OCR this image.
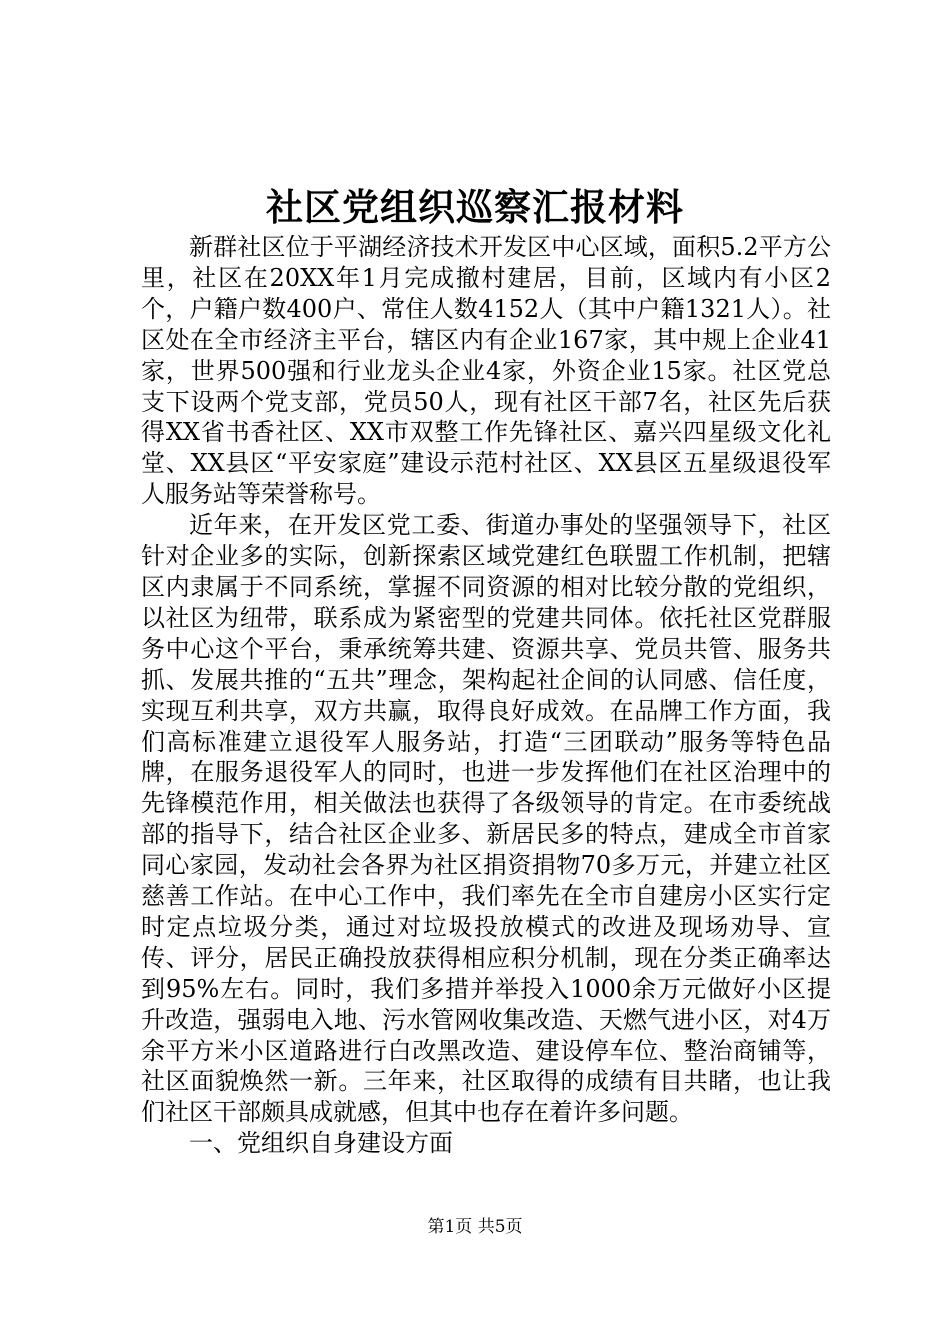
社区党组织巡察汇报材料

新群社区位于平湖经济技术开发区中心区域，面积5.2平方公里，社区在20XX年1月完成撤村建居，目前，区域内有小区2个，户籍户数400户、常住人数4152人（其中户籍1321人）。社区处在全市经济主平台，辖区内有企业167家，其中规上企业41家，世界500强和行业龙头企业4家，外资企业15家。社区党总支下设两个党支部，党员50人，现有社区干部7名，社区先后获得XX省书香社区、XX市双整工作先锋社区、嘉兴四星级文化礼堂、XX县区“平安家庭”建设示范村社区、XX县区五星级退役军人服务站等荣誉称号。

近年来，在开发区党工委、街道办事处的坚强领导下，社区针对企业多的实际，创新探索区域党建红色联盟工作机制，把辖区内隶属于不同系统，掌握不同资源的相对比较分散的党组织，以社区为纽带，联系成为紧密型的党建共同体。依托社区党群服务中心这个平台，秉承统筹共建、资源共享、党员共管、服务共抓、发展共推的“五共”理念，架构起社企间的认同感、信任度，实现互利共享，双方共赢，取得良好成效。在品牌工作方面，我们高标准建立退役军人服务站，打造“三团联动”服务等特色品牌，在服务退役军人的同时，也进一步发挥他们在社区治理中的先锋模范作用，相关做法也获得了各级领导的肯定。在市委统战部的指导下，结合社区企业多、新居民多的特点，建成全市首家同心家园，发动社会各界为社区捐资捐物70多万元，并建立社区慈善工作站。在中心工作中，我们率先在全市自建房小区实行定时定点垃圾分类，通过对垃圾投放模式的改进及现场劝导、宣传、评分，居民正确投放获得相应积分机制，现在分类正确率达到95%左右。同时，我们多措并举投入1000余万元做好小区提升改造，强弱电入地、污水管网收集改造、天燃气进小区，对4万余平方米小区道路进行白改黑改造、建设停车位、整治商铺等，社区面貌焕然一新。三年来，社区取得的成绩有目共睹，也让我们社区干部颇具成就感，但其中也存在着许多问题。

一、党组织自身建设方面

第1页 共5页
